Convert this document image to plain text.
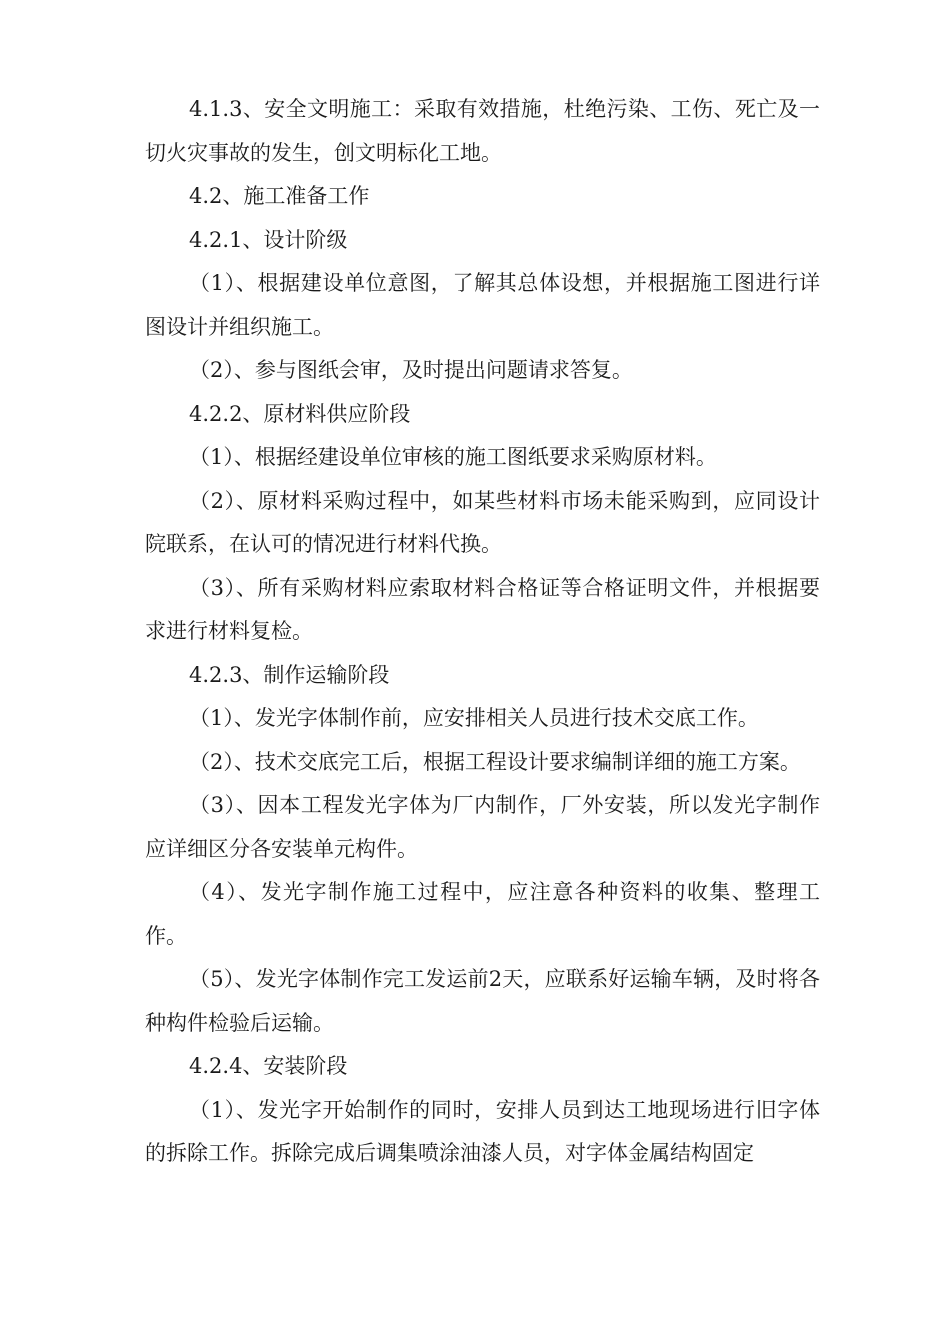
4.1.3、安全文明施工：采取有效措施，杜绝污染、工伤、死亡及一切火灾事故的发生，创文明标化工地。

4.2、施工准备工作

4.2.1、设计阶级

（1）、根据建设单位意图，了解其总体设想，并根据施工图进行详图设计并组织施工。

（2）、参与图纸会审，及时提出问题请求答复。

4.2.2、原材料供应阶段

（1）、根据经建设单位审核的施工图纸要求采购原材料。

（2）、原材料采购过程中，如某些材料市场未能采购到，应同设计院联系，在认可的情况进行材料代换。

（3）、所有采购材料应索取材料合格证等合格证明文件，并根据要求进行材料复检。

4.2.3、制作运输阶段

（1）、发光字体制作前，应安排相关人员进行技术交底工作。

（2）、技术交底完工后，根据工程设计要求编制详细的施工方案。

（3）、因本工程发光字体为厂内制作，厂外安装，所以发光字制作应详细区分各安装单元构件。

（4）、发光字制作施工过程中，应注意各种资料的收集、整理工作。

（5）、发光字体制作完工发运前2天，应联系好运输车辆，及时将各种构件检验后运输。

4.2.4、安装阶段

（1）、发光字开始制作的同时，安排人员到达工地现场进行旧字体的拆除工作。拆除完成后调集喷涂油漆人员，对字体金属结构固定
